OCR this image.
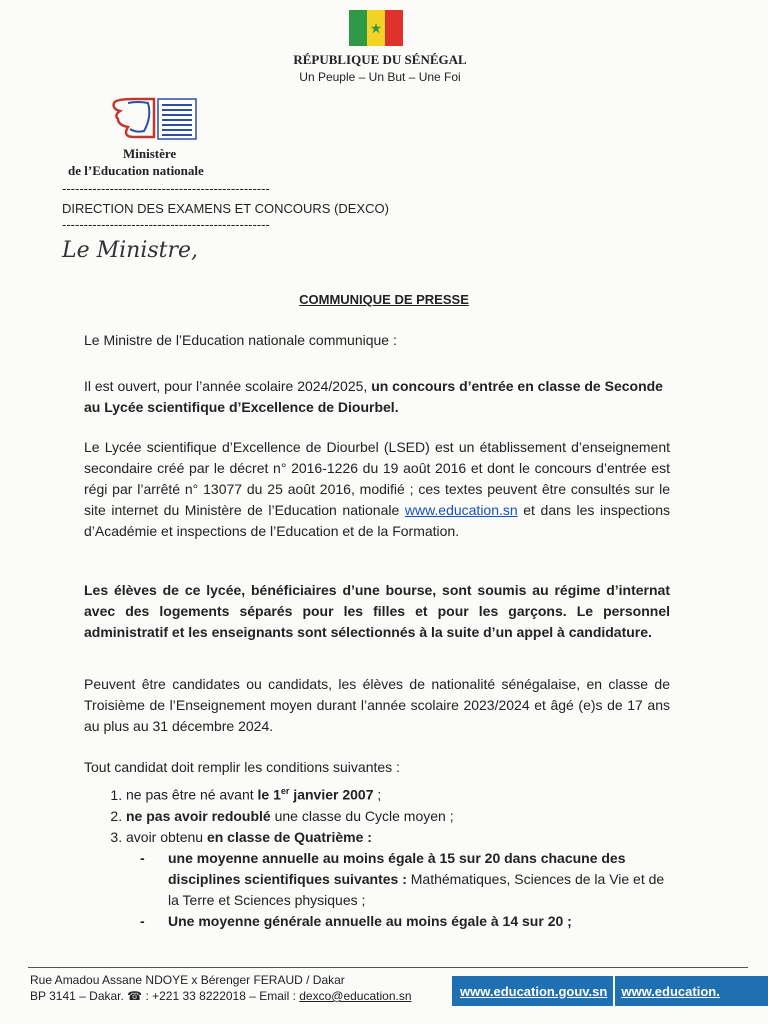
★
RÉPUBLIQUE DU SÉNÉGAL
Un Peuple – Un But – Une Foi
Ministère
de l’Education nationale
------------------------------------------------
DIRECTION DES EXAMENS ET CONCOURS (DEXCO)
------------------------------------------------
Le Ministre,
COMMUNIQUE DE PRESSE
Le Ministre de l’Education nationale communique :
Il est ouvert, pour l’année scolaire 2024/2025, un concours d’entrée en classe de Seconde au Lycée scientifique d’Excellence de Diourbel.
Le Lycée scientifique d’Excellence de Diourbel (LSED) est un établissement d’enseignement secondaire créé par le décret n° 2016-1226 du 19 août 2016 et dont le concours d’entrée est régi par l’arrêté n° 13077 du 25 août 2016, modifié ; ces textes peuvent être consultés sur le site internet du Ministère de l’Education nationale www.education.sn et dans les inspections d’Académie et inspections de l’Education et de la Formation.
Les élèves de ce lycée, bénéficiaires d’une bourse, sont soumis au régime d’internat avec des logements séparés pour les filles et pour les garçons. Le personnel administratif et les enseignants sont sélectionnés à la suite d’un appel à candidature.
Peuvent être candidates ou candidats, les élèves de nationalité sénégalaise, en classe de Troisième de l’Enseignement moyen durant l’année scolaire 2023/2024 et âgé (e)s de 17 ans au plus au 31 décembre 2024.
Tout candidat doit remplir les conditions suivantes :
1. ne pas être né avant le 1er janvier 2007 ;
2. ne pas avoir redoublé une classe du Cycle moyen ;
3. avoir obtenu en classe de Quatrième :
- une moyenne annuelle au moins égale à 15 sur 20 dans chacune des disciplines scientifiques suivantes : Mathématiques, Sciences de la Vie et de la Terre et Sciences physiques ;
- Une moyenne générale annuelle au moins égale à 14 sur 20 ;
Rue Amadou Assane NDOYE x Bérenger FERAUD / Dakar
BP 3141 – Dakar. ☎ : +221 33 8222018 – Email : dexco@education.sn	www.education.gouv.sn www.education.
